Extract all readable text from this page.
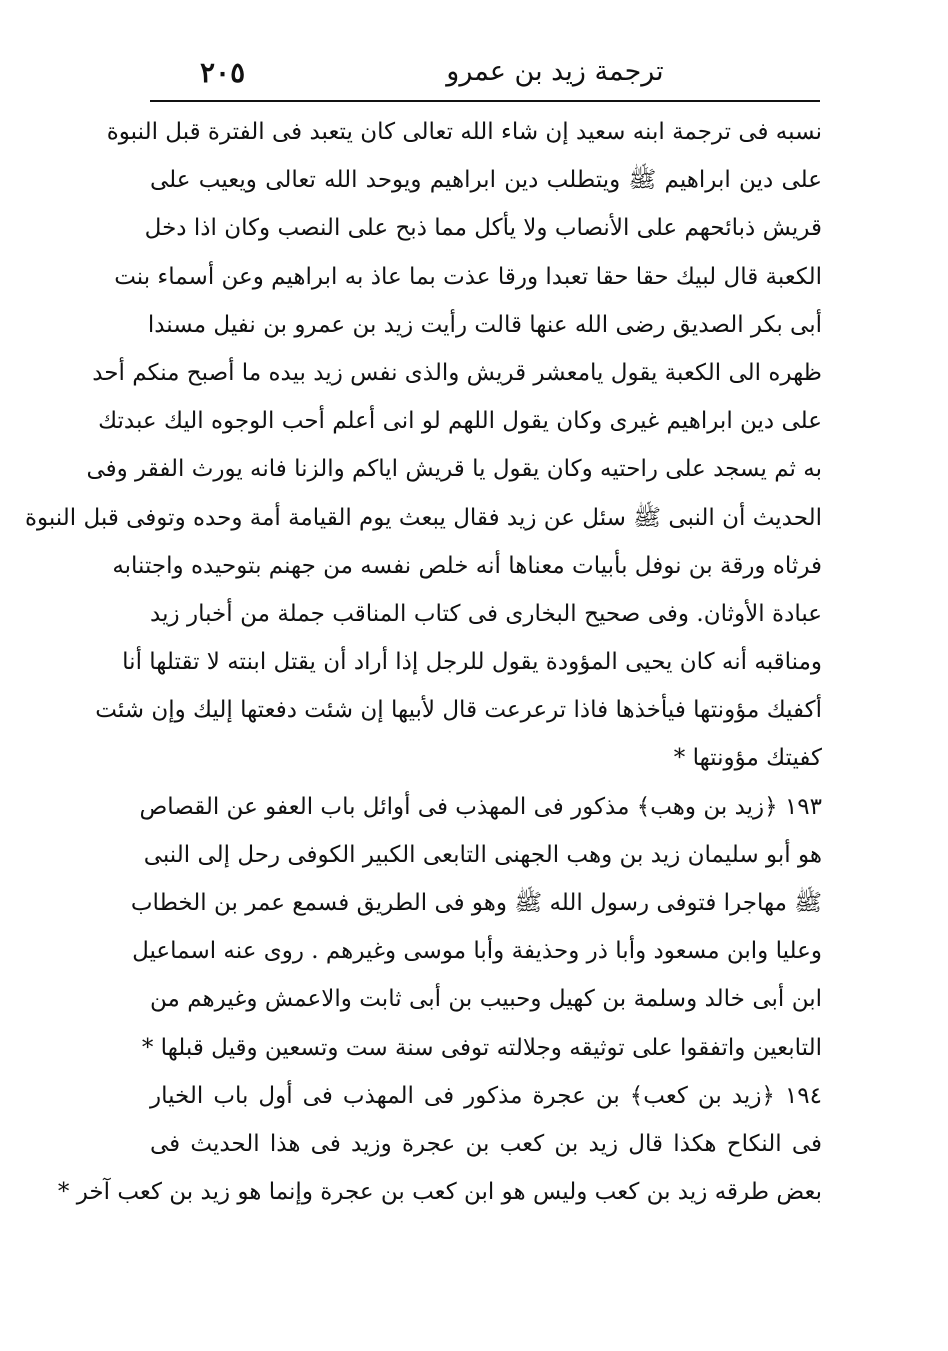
٢٠٥	ترجمة زيد بن عمرو
نسبه فى ترجمة ابنه سعيد إن شاء الله تعالى كان يتعبد فى الفترة قبل النبوة
على دين ابراهيم ﷺ ويتطلب دين ابراهيم ويوحد الله تعالى ويعيب على
قريش ذبائحهم على الأنصاب ولا يأكل مما ذبح على النصب وكان اذا دخل
الكعبة قال لبيك حقا حقا تعبدا ورقا عذت بما عاذ به ابراهيم وعن أسماء بنت
أبى بكر الصديق رضى الله عنها قالت رأيت زيد بن عمرو بن نفيل مسندا
ظهره الى الكعبة يقول يامعشر قريش والذى نفس زيد بيده ما أصبح منكم أحد
على دين ابراهيم غيرى وكان يقول اللهم لو انى أعلم أحب الوجوه اليك عبدتك
به ثم يسجد على راحتيه وكان يقول يا قريش اياكم والزنا فانه يورث الفقر وفى
الحديث أن النبى ﷺ سئل عن زيد فقال يبعث يوم القيامة أمة وحده وتوفى قبل النبوة
فرثاه ورقة بن نوفل بأبيات معناها أنه خلص نفسه من جهنم بتوحيده واجتنابه
عبادة الأوثان. وفى صحيح البخارى فى كتاب المناقب جملة من أخبار زيد
ومناقبه أنه كان يحيى المؤودة يقول للرجل إذا أراد أن يقتل ابنته لا تقتلها أنا
أكفيك مؤونتها فيأخذها فاذا ترعرعت قال لأبيها إن شئت دفعتها إليك وإن شئت
كفيتك مؤونتها *
١٩٣ ﴿زيد بن وهب﴾ مذكور فى المهذب فى أوائل باب العفو عن القصاص
هو أبو سليمان زيد بن وهب الجهنى التابعى الكبير الكوفى رحل إلى النبى
ﷺ مهاجرا فتوفى رسول الله ﷺ وهو فى الطريق فسمع عمر بن الخطاب
وعليا وابن مسعود وأبا ذر وحذيفة وأبا موسى وغيرهم . روى عنه اسماعيل
ابن أبى خالد وسلمة بن كهيل وحبيب بن أبى ثابت والاعمش وغيرهم من
التابعين واتفقوا على توثيقه وجلالته توفى سنة ست وتسعين وقيل قبلها *
١٩٤ ﴿زيد بن كعب﴾ بن عجرة مذكور فى المهذب فى أول باب الخيار
فى النكاح هكذا قال زيد بن كعب بن عجرة وزيد فى هذا الحديث فى
بعض طرقه زيد بن كعب وليس هو ابن كعب بن عجرة وإنما هو زيد بن كعب آخر *
